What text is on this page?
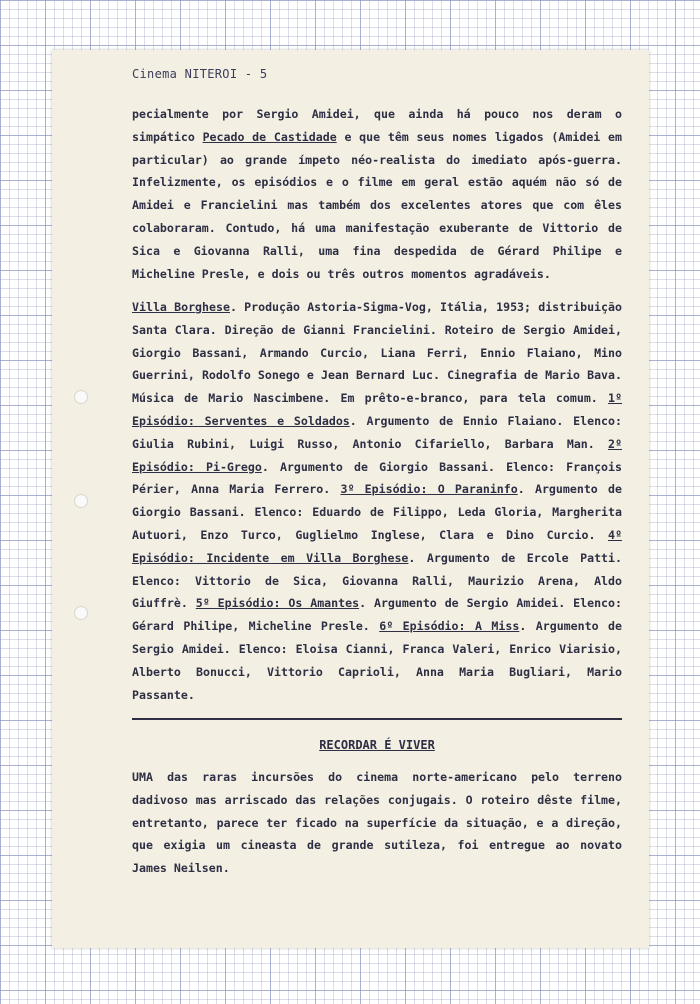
Cinema NITEROI - 5

pecialmente por Sergio Amidei, que ainda há pouco nos deram o simpático Pecado de Castidade e que têm seus nomes ligados (Amidei em particular) ao grande ímpeto néo-realista do imediato após-guerra. Infelizmente, os episódios e o filme em geral estão aquém não só de Amidei e Francielini mas também dos excelentes atores que com êles colaboraram. Contudo, há uma manifestação exuberante de Vittorio de Sica e Giovanna Ralli, uma fina despedida de Gérard Philipe e Micheline Presle, e dois ou três outros momentos agradáveis.

Villa Borghese. Produção Astoria-Sigma-Vog, Itália, 1953; distribuição Santa Clara. Direção de Gianni Francielini. Roteiro de Sergio Amidei, Giorgio Bassani, Armando Curcio, Liana Ferri, Ennio Flaiano, Mino Guerrini, Rodolfo Sonego e Jean Bernard Luc. Cinegrafia de Mario Bava. Música de Mario Nascimbene. Em prêto-e-branco, para tela comum. 1º Episódio: Serventes e Soldados. Argumento de Ennio Flaiano. Elenco: Giulia Rubini, Luigi Russo, Antonio Cifariello, Barbara Man. 2º Episódio: Pi-Grego. Argumento de Giorgio Bassani. Elenco: François Périer, Anna Maria Ferrero. 3º Episódio: O Paraninfo. Argumento de Giorgio Bassani. Elenco: Eduardo de Filippo, Leda Gloria, Margherita Autuori, Enzo Turco, Guglielmo Inglese, Clara e Dino Curcio. 4º Episódio: Incidente em Villa Borghese. Argumento de Ercole Patti. Elenco: Vittorio de Sica, Giovanna Ralli, Maurizio Arena, Aldo Giuffrè. 5º Episódio: Os Amantes. Argumento de Sergio Amidei. Elenco: Gérard Philipe, Micheline Presle. 6º Episódio: A Miss. Argumento de Sergio Amidei. Elenco: Eloisa Cianni, Franca Valeri, Enrico Viarisio, Alberto Bonucci, Vittorio Caprioli, Anna Maria Bugliari, Mario Passante.

RECORDAR É VIVER

UMA das raras incursões do cinema norte-americano pelo terreno dadivoso mas arriscado das relações conjugais. O roteiro dêste filme, entretanto, parece ter ficado na superfície da situação, e a direção, que exigia um cineasta de grande sutileza, foi entregue ao novato James Neilsen.
